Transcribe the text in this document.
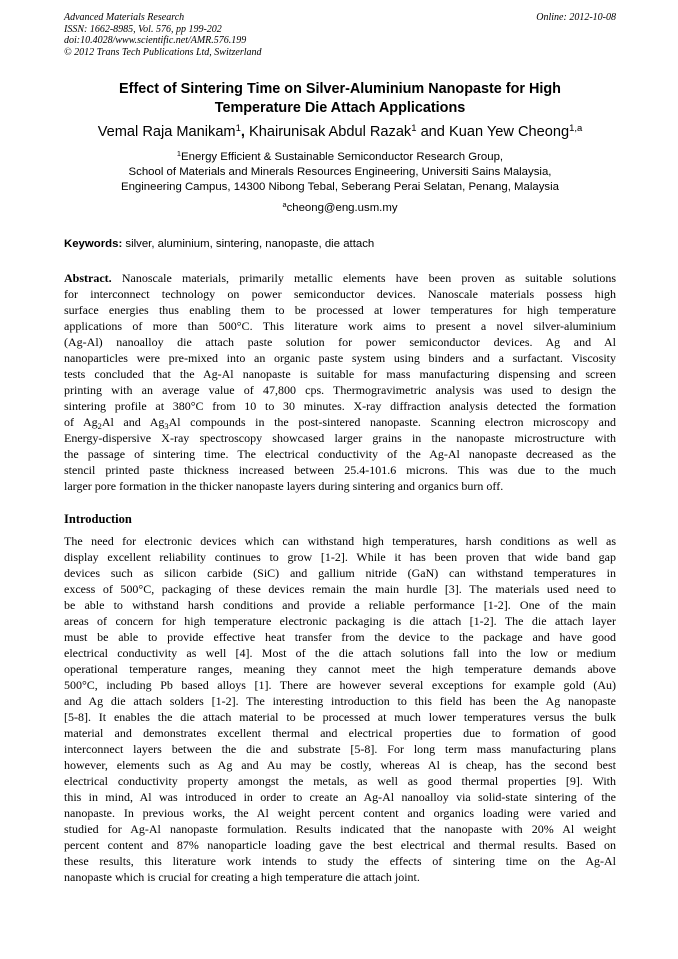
Advanced Materials Research
ISSN: 1662-8985, Vol. 576, pp 199-202
doi:10.4028/www.scientific.net/AMR.576.199
© 2012 Trans Tech Publications Ltd, Switzerland
Online: 2012-10-08
Effect of Sintering Time on Silver-Aluminium Nanopaste for High
Temperature Die Attach Applications
Vemal Raja Manikam$^1$, Khairunisak Abdul Razak$^1$ and Kuan Yew Cheong$^{1,a}$
$^1$Energy Efficient & Sustainable Semiconductor Research Group,
School of Materials and Minerals Resources Engineering, Universiti Sains Malaysia,
Engineering Campus, 14300 Nibong Tebal, Seberang Perai Selatan, Penang, Malaysia
$^a$cheong@eng.usm.my
Keywords: silver, aluminium, sintering, nanopaste, die attach
Abstract. Nanoscale materials, primarily metallic elements have been proven as suitable solutions
for interconnect technology on power semiconductor devices. Nanoscale materials possess high
surface energies thus enabling them to be processed at lower temperatures for high temperature
applications of more than 500°C. This literature work aims to present a novel silver-aluminium
(Ag-Al) nanoalloy die attach paste solution for power semiconductor devices. Ag and Al
nanoparticles were pre-mixed into an organic paste system using binders and a surfactant. Viscosity
tests concluded that the Ag-Al nanopaste is suitable for mass manufacturing dispensing and screen
printing with an average value of 47,800 cps. Thermogravimetric analysis was used to design the
sintering profile at 380°C from 10 to 30 minutes. X-ray diffraction analysis detected the formation
of $Ag_2Al$ and $Ag_3Al$ compounds in the post-sintered nanopaste. Scanning electron microscopy and
Energy-dispersive X-ray spectroscopy showcased larger grains in the nanopaste microstructure with
the passage of sintering time. The electrical conductivity of the Ag-Al nanopaste decreased as the
stencil printed paste thickness increased between 25.4-101.6 microns. This was due to the much
larger pore formation in the thicker nanopaste layers during sintering and organics burn off.
Introduction
The need for electronic devices which can withstand high temperatures, harsh conditions as well as
display excellent reliability continues to grow [1-2]. While it has been proven that wide band gap
devices such as silicon carbide (SiC) and gallium nitride (GaN) can withstand temperatures in
excess of 500°C, packaging of these devices remain the main hurdle [3]. The materials used need to
be able to withstand harsh conditions and provide a reliable performance [1-2]. One of the main
areas of concern for high temperature electronic packaging is die attach [1-2]. The die attach layer
must be able to provide effective heat transfer from the device to the package and have good
electrical conductivity as well [4]. Most of the die attach solutions fall into the low or medium
operational temperature ranges, meaning they cannot meet the high temperature demands above
500°C, including Pb based alloys [1]. There are however several exceptions for example gold (Au)
and Ag die attach solders [1-2]. The interesting introduction to this field has been the Ag nanopaste
[5-8]. It enables the die attach material to be processed at much lower temperatures versus the bulk
material and demonstrates excellent thermal and electrical properties due to formation of good
interconnect layers between the die and substrate [5-8]. For long term mass manufacturing plans
however, elements such as Ag and Au may be costly, whereas Al is cheap, has the second best
electrical conductivity property amongst the metals, as well as good thermal properties [9]. With
this in mind, Al was introduced in order to create an Ag-Al nanoalloy via solid-state sintering of the
nanopaste. In previous works, the Al weight percent content and organics loading were varied and
studied for Ag-Al nanopaste formulation. Results indicated that the nanopaste with 20% Al weight
percent content and 87% nanoparticle loading gave the best electrical and thermal results. Based on
these results, this literature work intends to study the effects of sintering time on the Ag-Al
nanopaste which is crucial for creating a high temperature die attach joint.
